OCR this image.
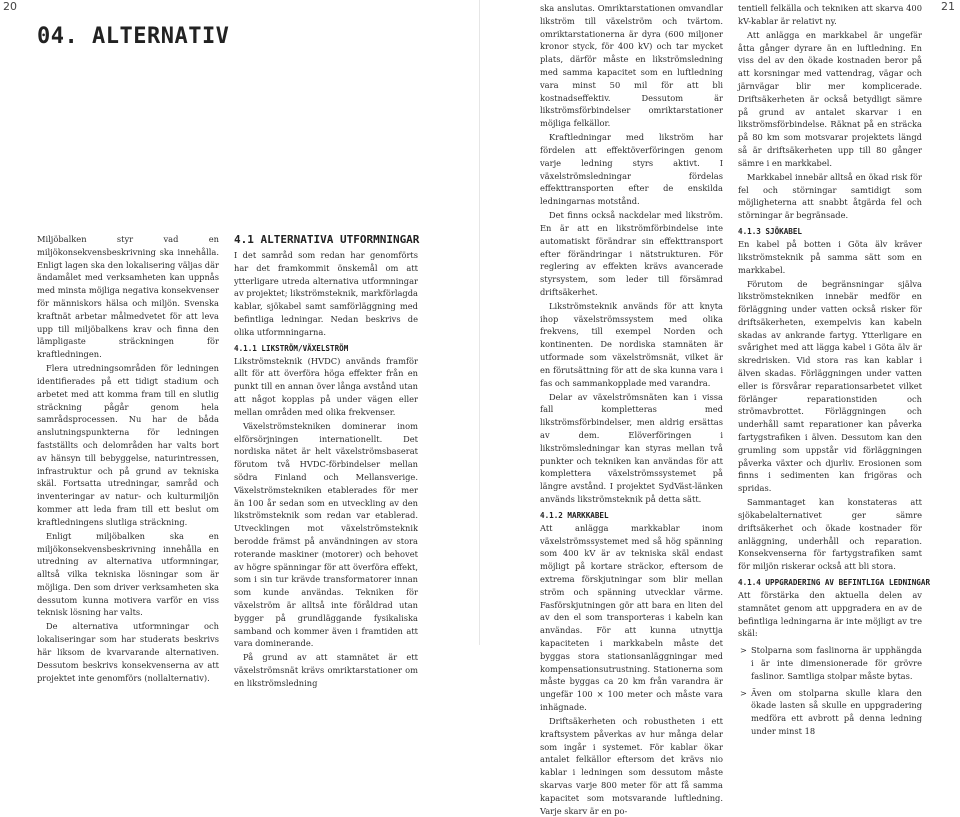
20	21
04. ALTERNATIV

Miljöbalken styr vad en miljökonsekvensbeskrivning ska innehålla. Enligt lagen ska den lokalisering väljas där ändamålet med verksamheten kan uppnås med minsta möjliga negativa konsekvenser för människors hälsa och miljön. Svenska kraftnät arbetar målmedvetet för att leva upp till miljöbalkens krav och finna den lämpligaste sträckningen för kraftledningen.

Flera utredningsområden för ledningen identifierades på ett tidigt stadium och arbetet med att komma fram till en slutlig sträckning pågår genom hela samrådsprocessen. Nu har de båda anslutningspunkterna för ledningen fastställts och delområden har valts bort av hänsyn till bebyggelse, naturintressen, infrastruktur och på grund av tekniska skäl. Fortsatta utredningar, samråd och inventeringar av natur- och kulturmiljön kommer att leda fram till ett beslut om kraftledningens slutliga sträckning.

Enligt miljöbalken ska en miljökonsekvensbeskrivning innehålla en utredning av alternativa utformningar, alltså vilka tekniska lösningar som är möjliga. Den som driver verksamheten ska dessutom kunna motivera varför en viss teknisk lösning har valts.

De alternativa utformningar och lokaliseringar som har studerats beskrivs här liksom de kvarvarande alternativen. Dessutom beskrivs konsekvenserna av att projektet inte genomförs (nollalternativ).

4.1 ALTERNATIVA UTFORMNINGAR

I det samråd som redan har genomförts har det framkommit önskemål om att ytterligare utreda alternativa utformningar av projektet; likströmsteknik, markförlagda kablar, sjökabel samt samförläggning med befintliga ledningar. Nedan beskrivs de olika utformningarna.

4.1.1 LIKSTRÖM/VÄXELSTRÖM

Likströmsteknik (HVDC) används framför allt för att överföra höga effekter från en punkt till en annan över långa avstånd utan att något kopplas på under vägen eller mellan områden med olika frekvenser.

Växelströmstekniken dominerar inom elförsörjningen internationellt. Det nordiska nätet är helt växelströmsbaserat förutom två HVDC-förbindelser mellan södra Finland och Mellansverige. Växelströmstekniken etablerades för mer än 100 år sedan som en utveckling av den likströmsteknik som redan var etablerad. Utvecklingen mot växelströmsteknik berodde främst på användningen av stora roterande maskiner (motorer) och behovet av högre spänningar för att överföra effekt, som i sin tur krävde transformatorer innan som kunde användas. Tekniken för växelström är alltså inte föråldrad utan bygger på grundläggande fysikaliska samband och kommer även i framtiden att vara dominerande.

På grund av att stamnätet är ett växelströmsnät krävs omriktarstationer om en likströmsledning

ska anslutas. Omriktarstationen omvandlar likström till växelström och tvärtom. omriktarstationerna är dyra (600 miljoner kronor styck, för 400 kV) och tar mycket plats, därför måste en likströmsledning med samma kapacitet som en luftledning vara minst 50 mil för att bli kostnadseffektiv. Dessutom är likströmsförbindelser omriktarstationer möjliga felkällor.

Kraftledningar med likström har fördelen att effektöverföringen genom varje ledning styrs aktivt. I växelströmsledningar fördelas effekttransporten efter de enskilda ledningarnas motstånd.

Det finns också nackdelar med likström. En är att en likströmförbindelse inte automatiskt förändrar sin effekttransport efter förändringar i nätstrukturen. För reglering av effekten krävs avancerade styrsystem, som leder till försämrad driftsäkerhet.

Likströmsteknik används för att knyta ihop växelströmssystem med olika frekvens, till exempel Norden och kontinenten. De nordiska stamnäten är utformade som växelströmsnät, vilket är en förutsättning för att de ska kunna vara i fas och sammankopplade med varandra.

Delar av växelströmsnäten kan i vissa fall kompletteras med likströmsförbindelser, men aldrig ersättas av dem. Elöverföringen i likströmsledningar kan styras mellan två punkter och tekniken kan användas för att komplettera växelströmssystemet på längre avstånd. I projektet SydVäst-länken används likströmsteknik på detta sätt.

4.1.2 MARKKABEL

Att anlägga markkablar inom växelströmssystemet med så hög spänning som 400 kV är av tekniska skäl endast möjligt på kortare sträckor, eftersom de extrema förskjutningar som blir mellan ström och spänning utvecklar värme. Fasförskjutningen gör att bara en liten del av den el som transporteras i kabeln kan användas. För att kunna utnyttja kapaciteten i markkabeln måste det byggas stora stationsanläggningar med kompensationsutrustning. Stationerna som måste byggas ca 20 km från varandra är ungefär 100 × 100 meter och måste vara inhägnade.

Driftsäkerheten och robustheten i ett kraftsystem påverkas av hur många delar som ingår i systemet. För kablar ökar antalet felkällor eftersom det krävs nio kablar i ledningen som dessutom måste skarvas varje 800 meter för att få samma kapacitet som motsvarande luftledning. Varje skarv är en po-

tentiell felkälla och tekniken att skarva 400 kV-kablar är relativt ny.

Att anlägga en markkabel är ungefär åtta gånger dyrare än en luftledning. En viss del av den ökade kostnaden beror på att korsningar med vattendrag, vägar och järnvägar blir mer komplicerade. Driftsäkerheten är också betydligt sämre på grund av antalet skarvar i en likströmsförbindelse. Räknat på en sträcka på 80 km som motsvarar projektets längd så är driftsäkerheten upp till 80 gånger sämre i en markkabel.

Markkabel innebär alltså en ökad risk för fel och störningar samtidigt som möjligheterna att snabbt åtgärda fel och störningar är begränsade.

4.1.3 SJÖKABEL

En kabel på botten i Göta älv kräver likströmsteknik på samma sätt som en markkabel.

Förutom de begränsningar själva likströmstekniken innebär medför en förläggning under vatten också risker för driftsäkerheten, exempelvis kan kabeln skadas av ankrande fartyg. Ytterligare en svårighet med att lägga kabel i Göta älv är skredrisken. Vid stora ras kan kablar i älven skadas. Förläggningen under vatten eller is försvårar reparationsarbetet vilket förlänger reparationstiden och strömavbrottet. Förläggningen och underhåll samt reparationer kan påverka fartygstrafiken i älven. Dessutom kan den grumling som uppstår vid förläggningen påverka växter och djurliv. Erosionen som finns i sedimenten kan frigöras och spridas.

Sammantaget kan konstateras att sjökabelalternativet ger sämre driftsäkerhet och ökade kostnader för anläggning, underhåll och reparation. Konsekvenserna för fartygstrafiken samt för miljön riskerar också att bli stora.

4.1.4 UPPGRADERING AV BEFINTLIGA LEDNINGAR

Att förstärka den aktuella delen av stamnätet genom att uppgradera en av de befintliga ledningarna är inte möjligt av tre skäl:

> Stolparna som faslinorna är upphängda i är inte dimensionerade för grövre faslinor. Samtliga stolpar måste bytas.
> Även om stolparna skulle klara den ökade lasten så skulle en uppgradering medföra ett avbrott på denna ledning under minst 18
